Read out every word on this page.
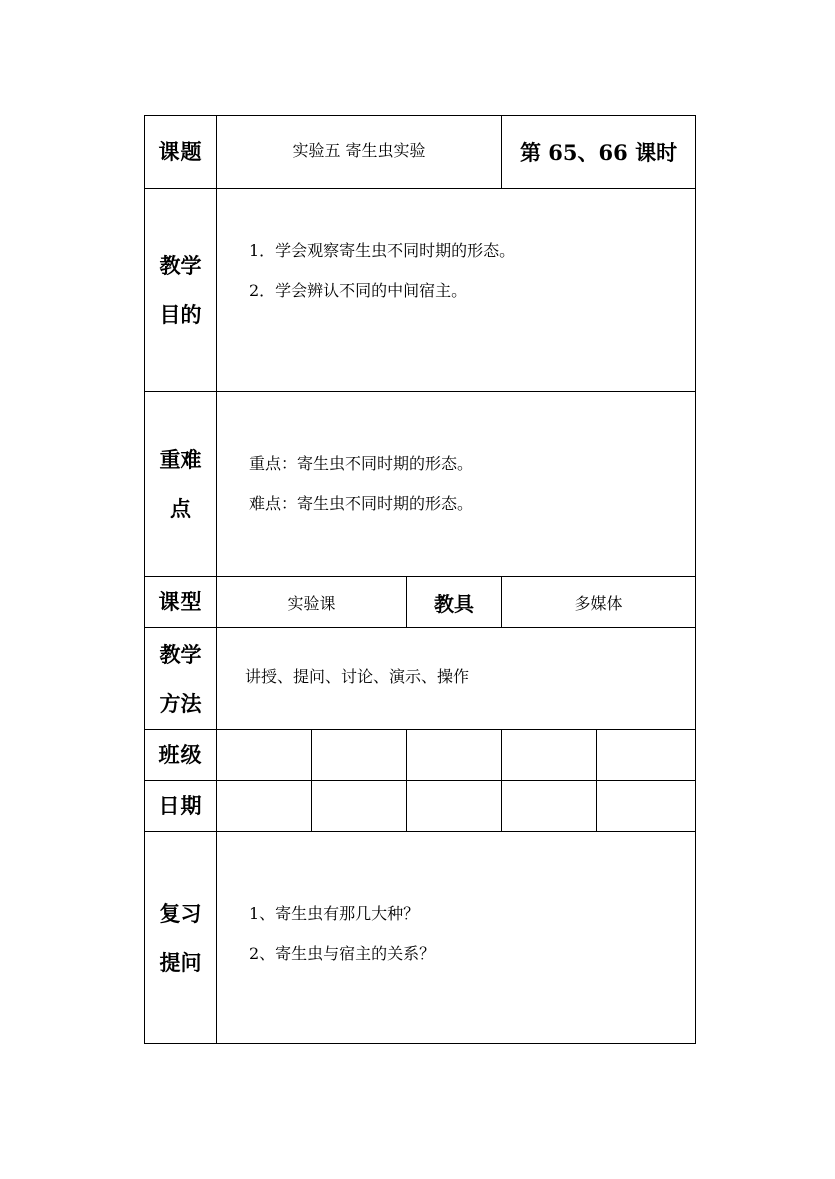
课题	实验五 寄生虫实验			第 65、66 课时	

教学
目的	1．学会观察寄生虫不同时期的形态。
2．学会辨认不同的中间宿主。				

重难
点	重点：寄生虫不同时期的形态。
难点：寄生虫不同时期的形态。				

课型	实验课		教具	多媒体	

教学
方法	讲授、提问、讨论、演示、操作				
班级					
日期					

复习
提问	1、寄生虫有那几大种？
2、寄生虫与宿主的关系？				
